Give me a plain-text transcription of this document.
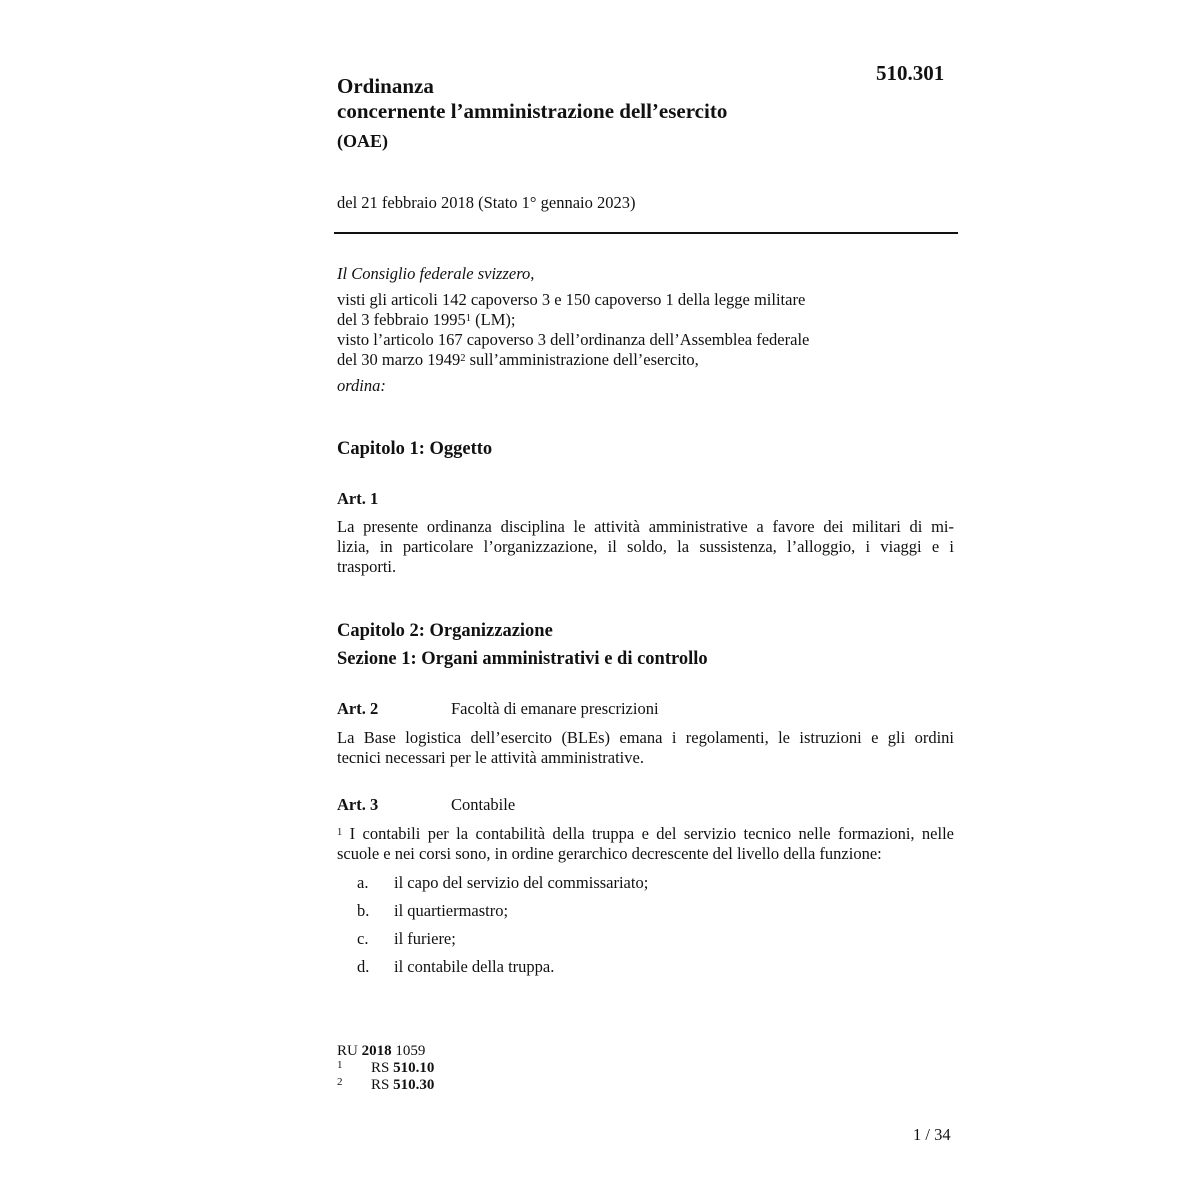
510.301
Ordinanza
concernente l’amministrazione dell’esercito
(OAE)
del 21 febbraio 2018 (Stato 1° gennaio 2023)
Il Consiglio federale svizzero,
visti gli articoli 142 capoverso 3 e 150 capoverso 1 della legge militare
del 3 febbraio 1995$^1$ (LM);
visto l’articolo 167 capoverso 3 dell’ordinanza dell’Assemblea federale
del 30 marzo 1949$^2$ sull’amministrazione dell’esercito,
ordina:
Capitolo 1: Oggetto
Art. 1
La presente ordinanza disciplina le attività amministrative a favore dei militari di mi-
lizia, in particolare l’organizzazione, il soldo, la sussistenza, l’alloggio, i viaggi e i
trasporti.
Capitolo 2: Organizzazione
Sezione 1: Organi amministrativi e di controllo
Art. 2	Facoltà di emanare prescrizioni
La Base logistica dell’esercito (BLEs) emana i regolamenti, le istruzioni e gli ordini
tecnici necessari per le attività amministrative.
Art. 3	Contabile
$^1$ I contabili per la contabilità della truppa e del servizio tecnico nelle formazioni, nelle
scuole e nei corsi sono, in ordine gerarchico decrescente del livello della funzione:
a. il capo del servizio del commissariato;
b. il quartiermastro;
c. il furiere;
d. il contabile della truppa.
RU 2018 1059
1 RS 510.10
2 RS 510.30
1 / 34
